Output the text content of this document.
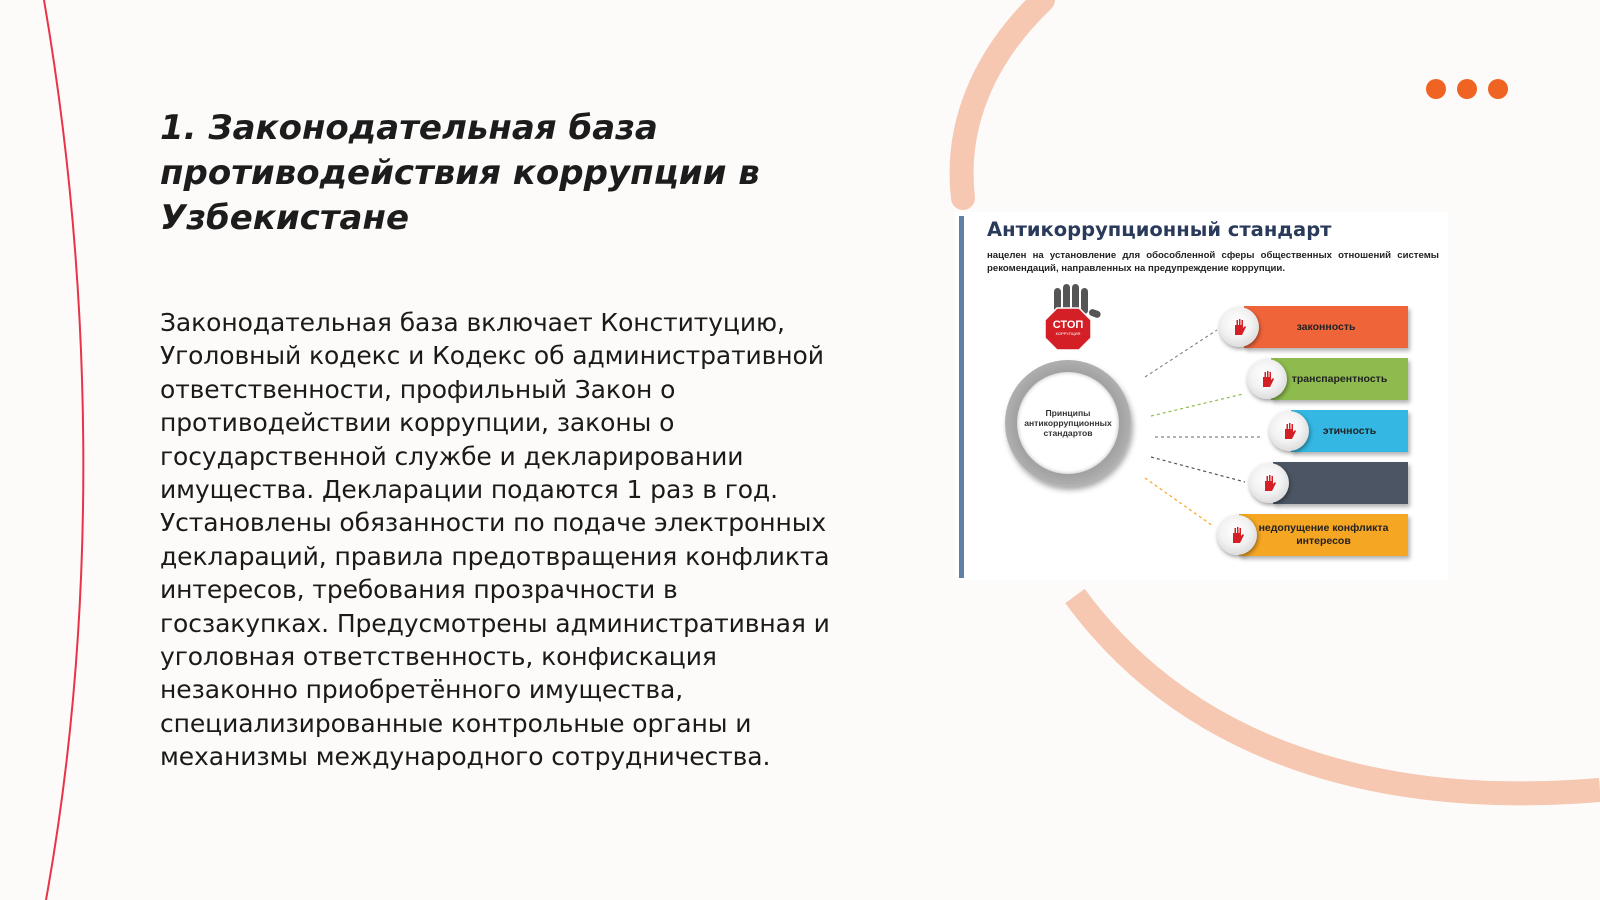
1. Законодательная база противодействия коррупции в Узбекистане

Законодательная база включает Конституцию, Уголовный кодекс и Кодекс об административной ответственности, профильный Закон о противодействии коррупции, законы о государственной службе и декларировании имущества. Декларации подаются 1 раз в год. Установлены обязанности по подаче электронных деклараций, правила предотвращения конфликта интересов, требования прозрачности в госзакупках. Предусмотрены административная и уголовная ответственность, конфискация незаконно приобретённого имущества, специализированные контрольные органы и механизмы международного сотрудничества.

Антикоррупционный стандарт
нацелен на установление для обособленной сферы общественных отношений системы рекомендаций, направленных на предупреждение коррупции.
СТОП
КОРРУПЦИЯ
Принципы антикоррупционных стандартов
законность
транспарентность
этичность
недопущение конфликта интересов
